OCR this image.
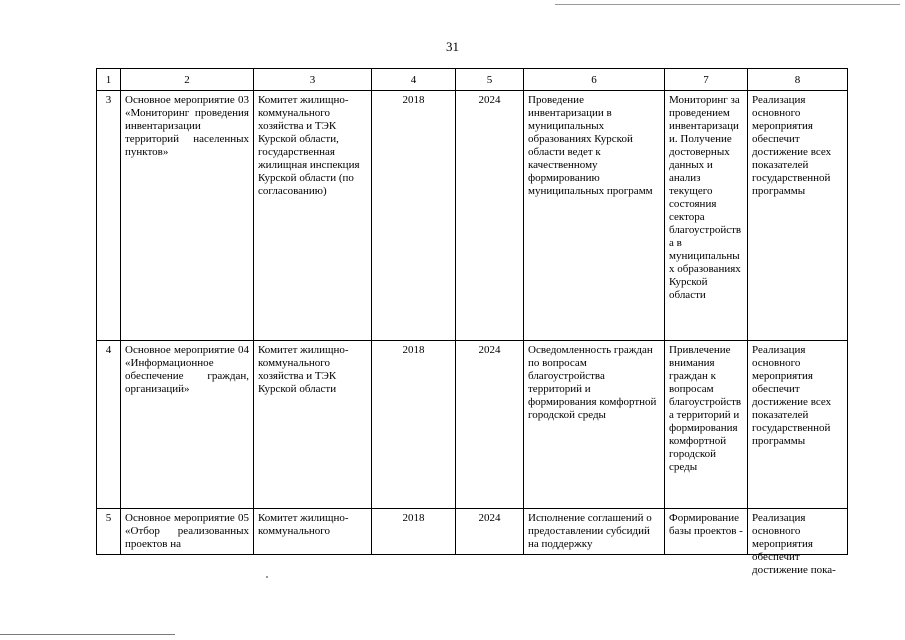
31
1	2	3	4	5	6	7	8
3	Основное мероприятие 03 «Мониторинг проведения инвентаризации территорий населенных пунктов»	Комитет жилищно-коммунального хозяйства и ТЭК Курской области, государственная жилищная инспекция Курской области (по согласованию)	2018	2024	Проведение инвентаризации в муниципальных образованиях Курской области ведет к качественному формированию муниципальных программ	Мониторинг за проведением инвентаризации. Получение достоверных данных и анализ текущего состояния сектора благоустройства в муниципальных образованиях Курской области	Реализация основного мероприятия обеспечит достижение всех показателей государственной программы
4	Основное мероприятие 04 «Информационное обеспечение граждан, организаций»	Комитет жилищно-коммунального хозяйства и ТЭК Курской области	2018	2024	Осведомленность граждан по вопросам благоустройства территорий и формирования комфортной городской среды	Привлечение внимания граждан к вопросам благоустройства территорий и формирования комфортной городской среды	Реализация основного мероприятия обеспечит достижение всех показателей государственной программы

5	Основное мероприятие 05 «Отбор реализованных проектов на	Комитет жилищно-коммунального	2018	2024	Исполнение соглашений о предоставлении субсидий на поддержку	Формирование базы проектов -	Реализация основного мероприятия обеспечит достижение пока-
